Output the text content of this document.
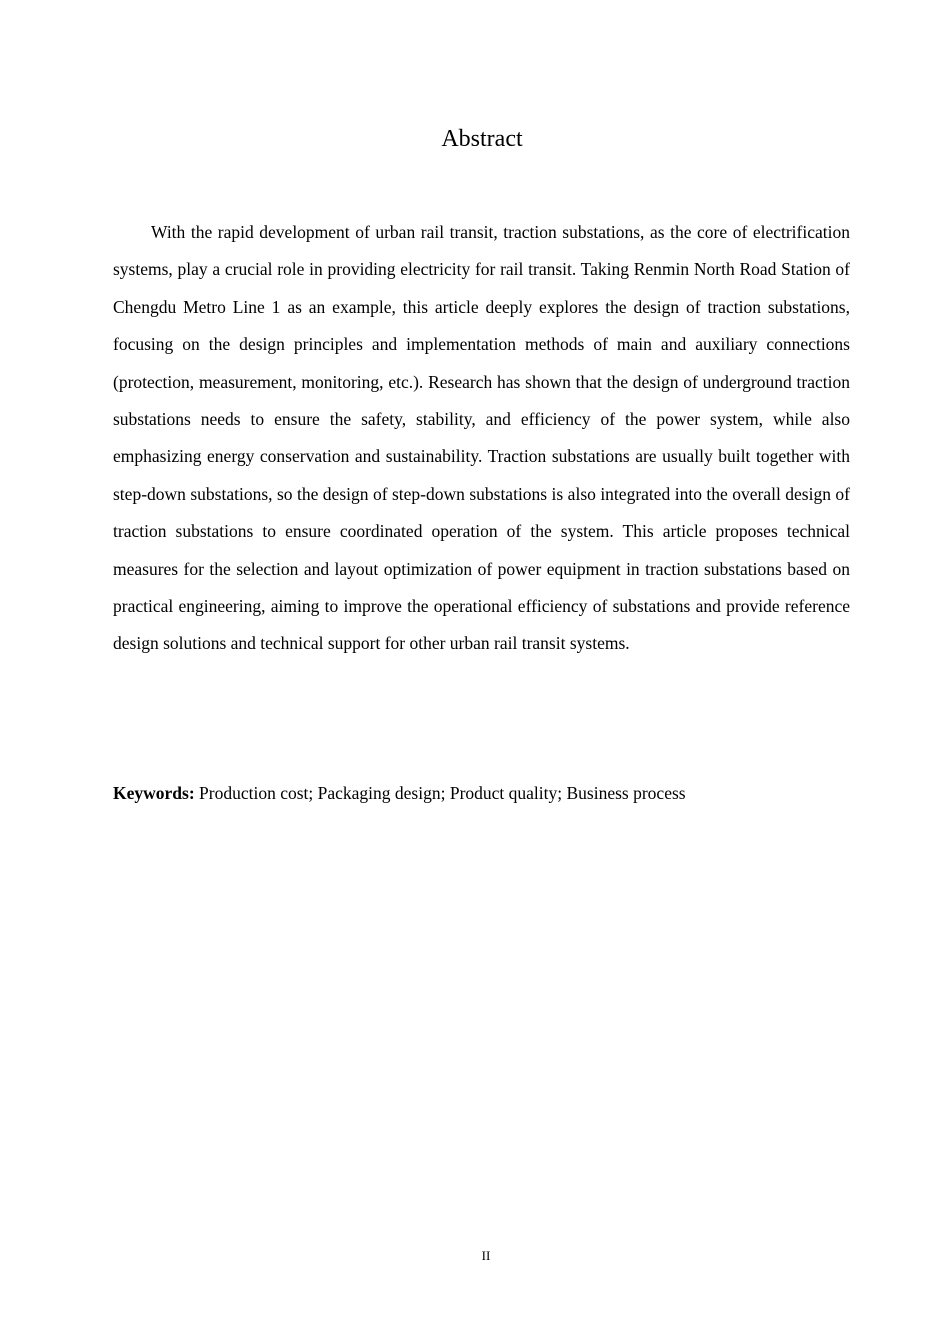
Abstract

With the rapid development of urban rail transit, traction substations, as the core of electrification systems, play a crucial role in providing electricity for rail transit. Taking Renmin North Road Station of Chengdu Metro Line 1 as an example, this article deeply explores the design of traction substations, focusing on the design principles and implementation methods of main and auxiliary connections (protection, measurement, monitoring, etc.). Research has shown that the design of underground traction substations needs to ensure the safety, stability, and efficiency of the power system, while also emphasizing energy conservation and sustainability. Traction substations are usually built together with step-down substations, so the design of step-down substations is also integrated into the overall design of traction substations to ensure coordinated operation of the system. This article proposes technical measures for the selection and layout optimization of power equipment in traction substations based on practical engineering, aiming to improve the operational efficiency of substations and provide reference design solutions and technical support for other urban rail transit systems.

Keywords: Production cost; Packaging design; Product quality; Business process

II
